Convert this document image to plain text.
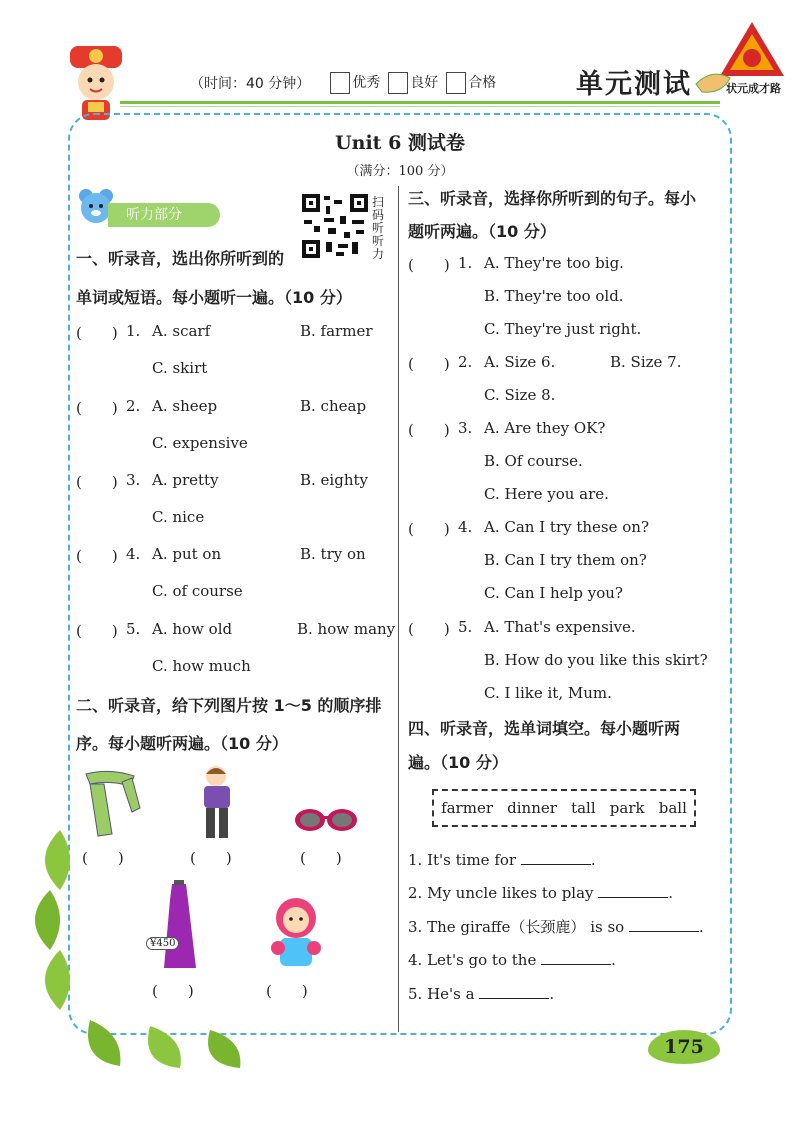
（时间：40 分钟）	优秀	良好	合格	单元测试	状元成才路
Unit 6 测试卷
（满分：100 分）
听力部分
扫码听听力
一、听录音，选出你所听到的
单词或短语。每小题听一遍。（10 分）
(　　) 1. A. scarf	B. farmer
C. skirt
(　　) 2. A. sheep	B. cheap
C. expensive
(　　) 3. A. pretty	B. eighty
C. nice
(　　) 4. A. put on	B. try on
C. of course
(　　) 5. A. how old	B. how many
C. how much
二、听录音，给下列图片按 1～5 的顺序排
序。每小题听两遍。（10 分）
(　　)	(　　)	(　　)
¥450
(　　)	(　　)
三、听录音，选择你所听到的句子。每小
题听两遍。（10 分）
(　　) 1. A. They're too big.
B. They're too old.
C. They're just right.
(　　) 2. A. Size 6.	B. Size 7.
C. Size 8.
(　　) 3. A. Are they OK?
B. Of course.
C. Here you are.
(　　) 4. A. Can I try these on?
B. Can I try them on?
C. Can I help you?
(　　) 5. A. That's expensive.
B. How do you like this skirt?
C. I like it, Mum.
四、听录音，选单词填空。每小题听两
遍。（10 分）
farmer dinner tall park ball
1. It's time for	.
2. My uncle likes to play	.
3. The giraffe（长颈鹿） is so	.
4. Let's go to the	.
5. He's a	.
175
